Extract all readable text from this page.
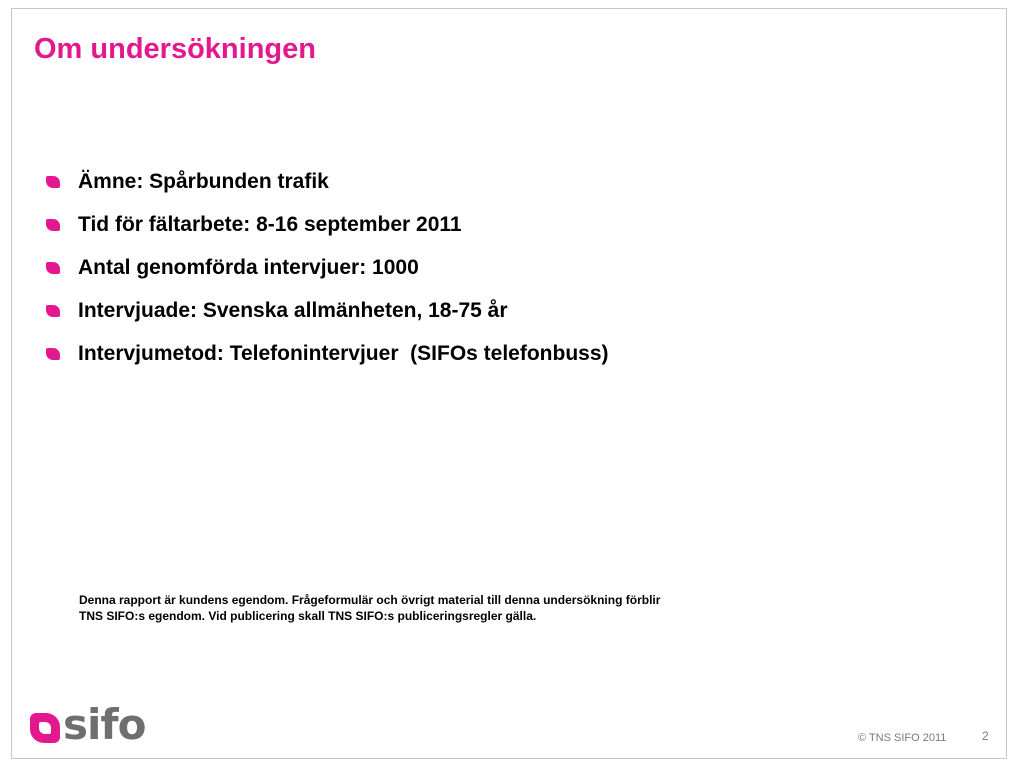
Om undersökningen
Ämne: Spårbunden trafik
Tid för fältarbete: 8-16 september 2011
Antal genomförda intervjuer: 1000
Intervjuade: Svenska allmänheten, 18-75 år
Intervjumetod: Telefonintervjuer  (SIFOs telefonbuss)
Denna rapport är kundens egendom. Frågeformulär och övrigt material till denna undersökning förblir
TNS SIFO:s egendom. Vid publicering skall TNS SIFO:s publiceringsregler gälla.
sifo	© TNS SIFO 2011	2
